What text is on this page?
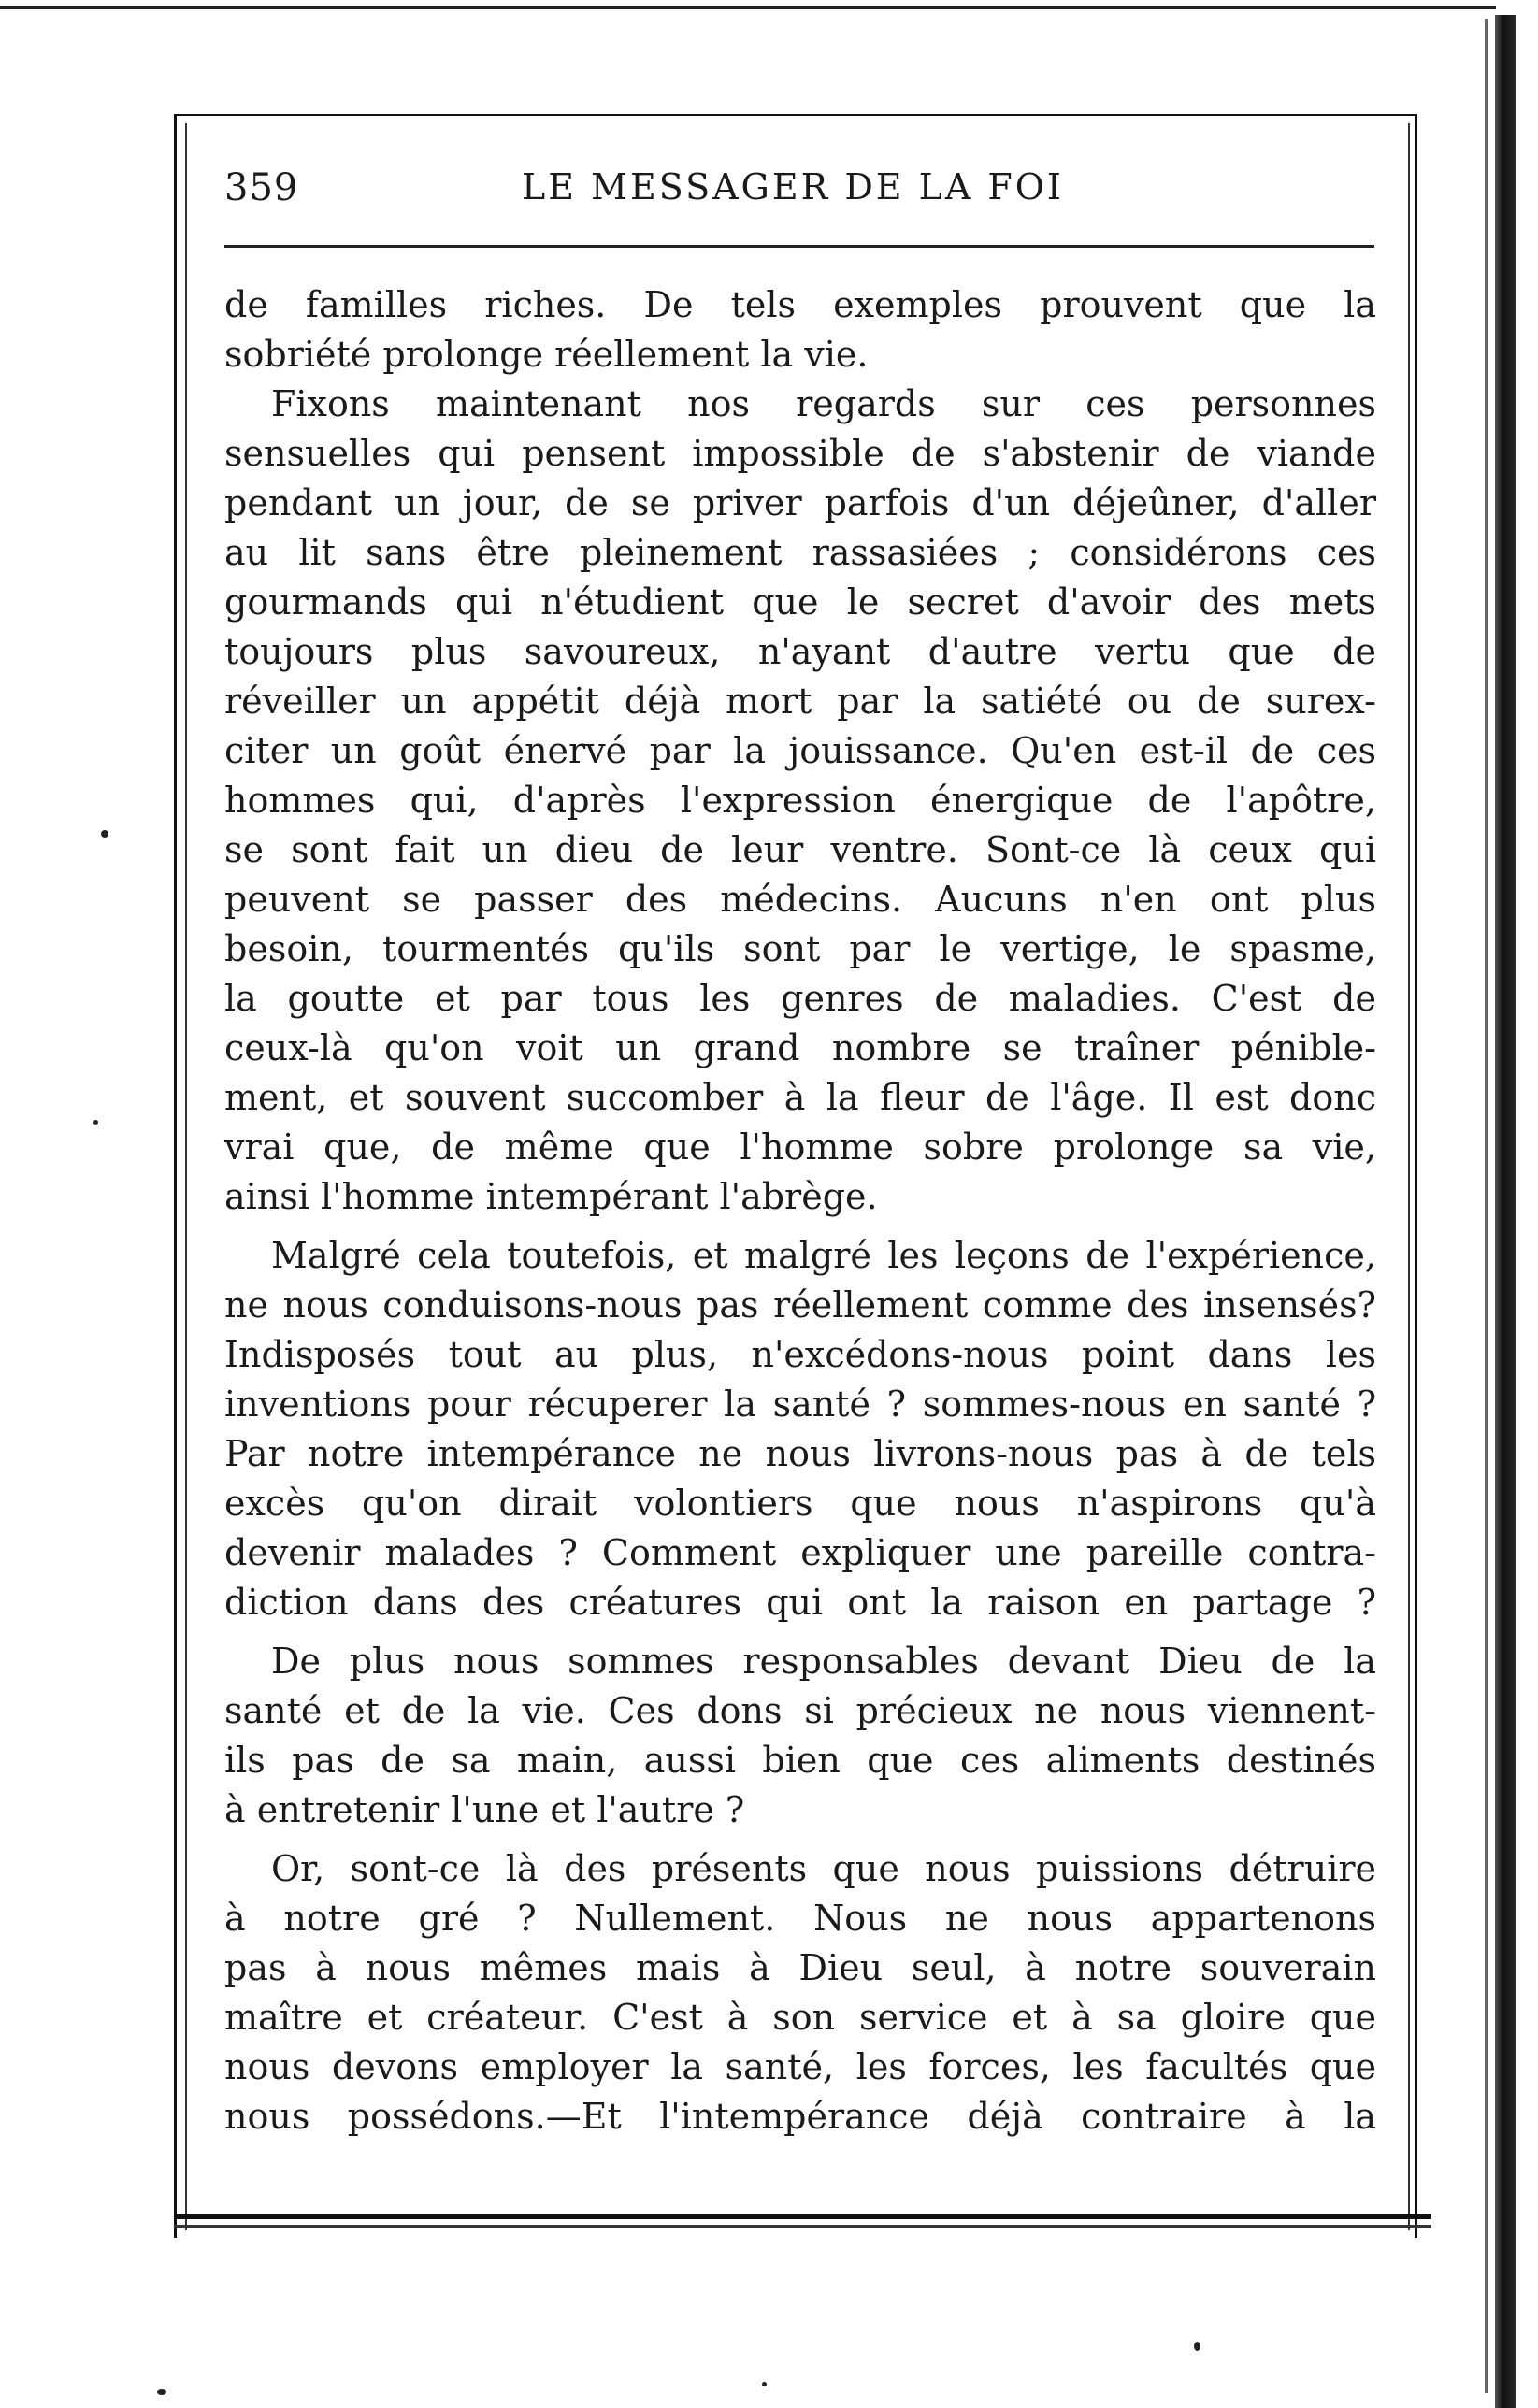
359	LE MESSAGER DE LA FOI

de familles riches. De tels exemples prouvent que la

sobriété prolonge réellement la vie.

Fixons maintenant nos regards sur ces personnes

sensuelles qui pensent impossible de s'abstenir de viande

pendant un jour, de se priver parfois d'un déjeûner, d'aller

au lit sans être pleinement rassasiées ; considérons ces

gourmands qui n'étudient que le secret d'avoir des mets

toujours plus savoureux, n'ayant d'autre vertu que de

réveiller un appétit déjà mort par la satiété ou de surex-

citer un goût énervé par la jouissance. Qu'en est-il de ces

hommes qui, d'après l'expression énergique de l'apôtre,

se sont fait un dieu de leur ventre. Sont-ce là ceux qui

peuvent se passer des médecins. Aucuns n'en ont plus

besoin, tourmentés qu'ils sont par le vertige, le spasme,

la goutte et par tous les genres de maladies. C'est de

ceux-là qu'on voit un grand nombre se traîner pénible-

ment, et souvent succomber à la fleur de l'âge. Il est donc

vrai que, de même que l'homme sobre prolonge sa vie,

ainsi l'homme intempérant l'abrège.

Malgré cela toutefois, et malgré les leçons de l'expérience,

ne nous conduisons-nous pas réellement comme des insensés?

Indisposés tout au plus, n'excédons-nous point dans les

inventions pour récuperer la santé ? sommes-nous en santé ?

Par notre intempérance ne nous livrons-nous pas à de tels

excès qu'on dirait volontiers que nous n'aspirons qu'à

devenir malades ? Comment expliquer une pareille contra-

diction dans des créatures qui ont la raison en partage ?

De plus nous sommes responsables devant Dieu de la

santé et de la vie. Ces dons si précieux ne nous viennent-

ils pas de sa main, aussi bien que ces aliments destinés

à entretenir l'une et l'autre ?

Or, sont-ce là des présents que nous puissions détruire

à notre gré ? Nullement. Nous ne nous appartenons

pas à nous mêmes mais à Dieu seul, à notre souverain

maître et créateur. C'est à son service et à sa gloire que

nous devons employer la santé, les forces, les facultés que

nous possédons.—Et l'intempérance déjà contraire à la
